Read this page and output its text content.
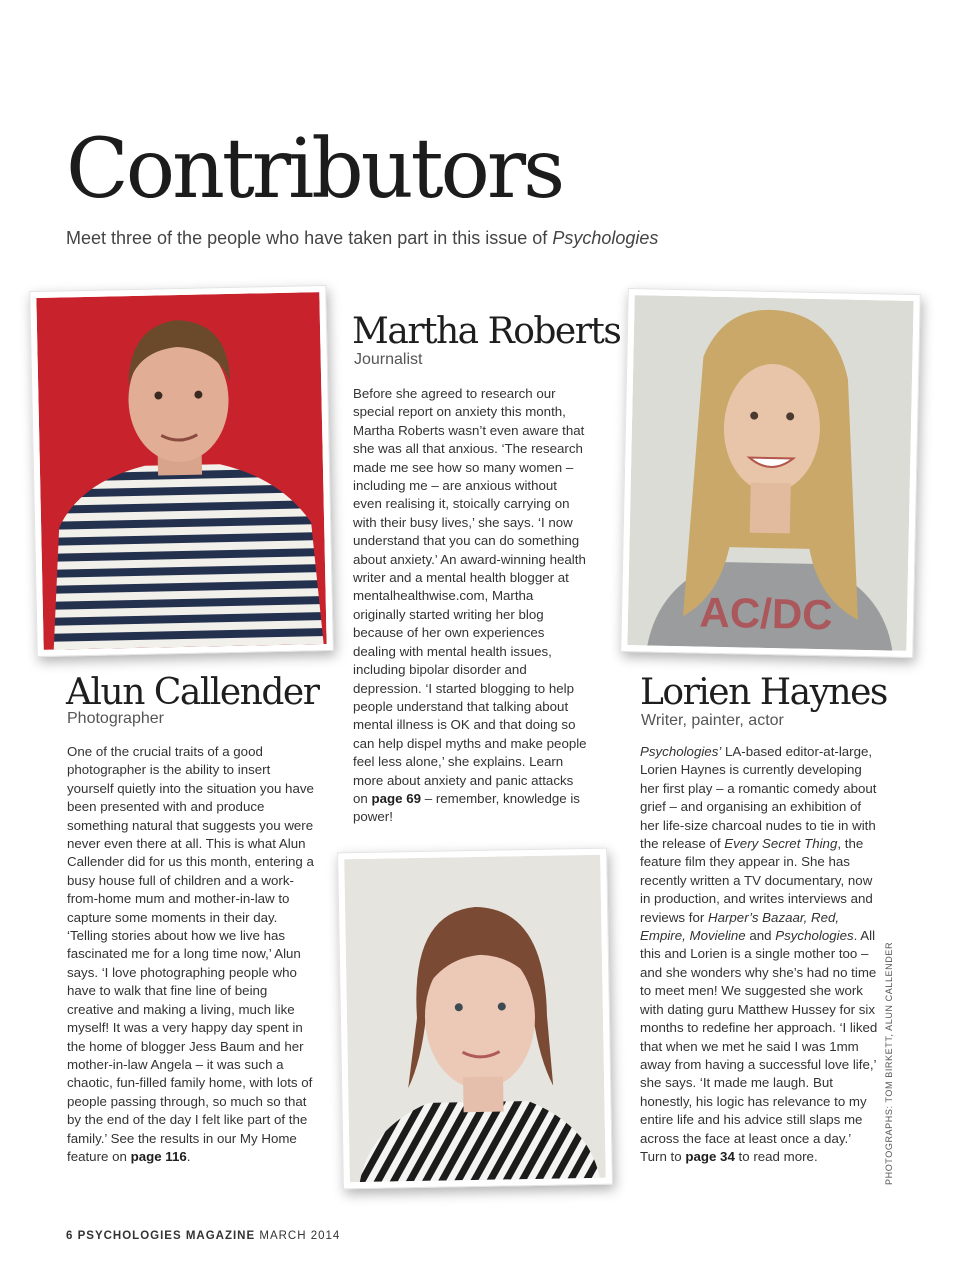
Contributors
Meet three of the people who have taken part in this issue of Psychologies
AC/DC
Martha Roberts
Journalist

Before she agreed to research our special report on anxiety this month, Martha Roberts wasn’t even aware that she was all that anxious. ‘The research made me see how so many women – including me – are anxious without even realising it, stoically carrying on with their busy lives,’ she says. ‘I now understand that you can do something about anxiety.’ An award-winning health writer and a mental health blogger at mentalhealthwise.com, Martha originally started writing her blog because of her own experiences dealing with mental health issues, including bipolar disorder and depression. ‘I started blogging to help people understand that talking about mental illness is OK and that doing so can help dispel myths and make people feel less alone,’ she explains. Learn more about anxiety and panic attacks on page 69 – remember, knowledge is power!

Alun Callender
Photographer

One of the crucial traits of a good photographer is the ability to insert yourself quietly into the situation you have been presented with and produce something natural that suggests you were never even there at all. This is what Alun Callender did for us this month, entering a busy house full of children and a work-from-home mum and mother-in-law to capture some moments in their day. ‘Telling stories about how we live has fascinated me for a long time now,’ Alun says. ‘I love photographing people who have to walk that fine line of being creative and making a living, much like myself! It was a very happy day spent in the home of blogger Jess Baum and her mother-in-law Angela – it was such a chaotic, fun-filled family home, with lots of people passing through, so much so that by the end of the day I felt like part of the family.’ See the results in our My Home feature on page 116.

Lorien Haynes
Writer, painter, actor

Psychologies’ LA-based editor-at-large, Lorien Haynes is currently developing her first play – a romantic comedy about grief – and organising an exhibition of her life-size charcoal nudes to tie in with the release of Every Secret Thing, the feature film they appear in. She has recently written a TV documentary, now in production, and writes interviews and reviews for Harper’s Bazaar, Red, Empire, Movieline and Psychologies. All this and Lorien is a single mother too – and she wonders why she’s had no time to meet men! We suggested she work with dating guru Matthew Hussey for six months to redefine her approach. ‘I liked that when we met he said I was 1mm away from having a successful love life,’ she says. ‘It made me laugh. But honestly, his logic has relevance to my entire life and his advice still slaps me across the face at least once a day.’ Turn to page 34 to read more.	PHOTOGRAPHS: TOM BIRKETT, ALUN CALLENDER
6 PSYCHOLOGIES MAGAZINE MARCH 2014
